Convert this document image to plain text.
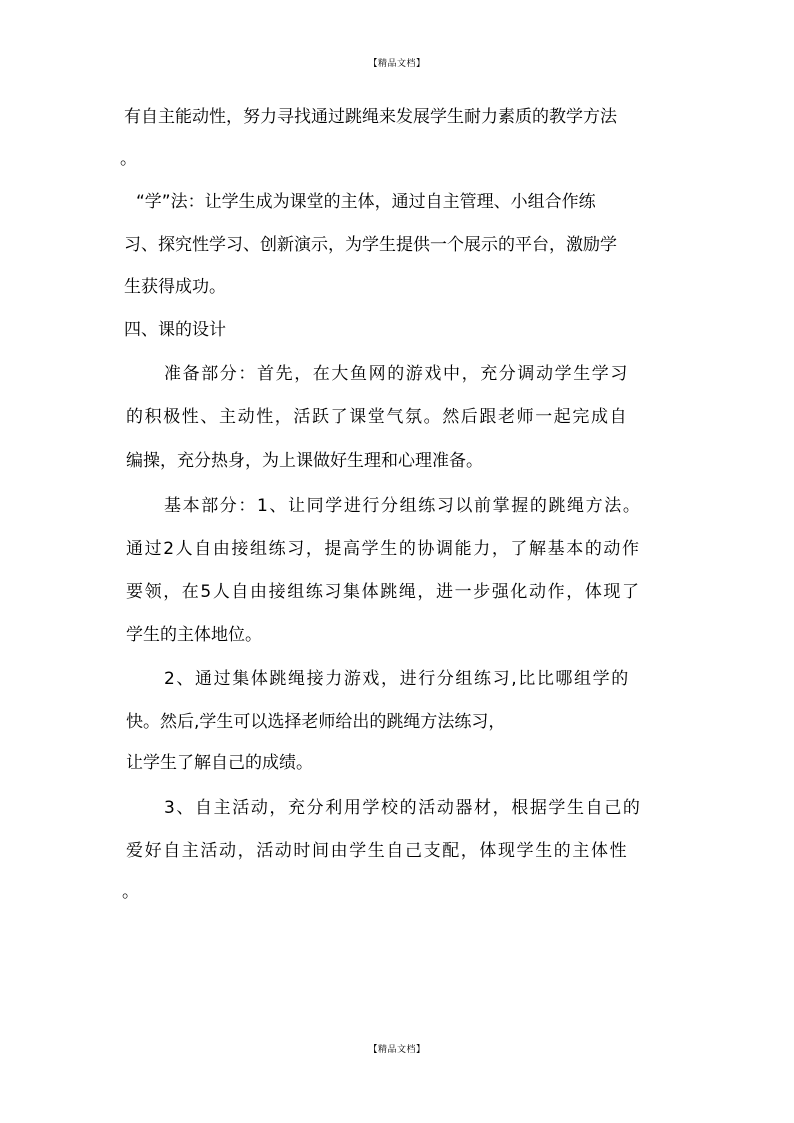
【精品文档】
有自主能动性，努力寻找通过跳绳来发展学生耐力素质的教学方法
。
“学”法：让学生成为课堂的主体，通过自主管理、小组合作练
习、探究性学习、创新演示，为学生提供一个展示的平台，激励学
生获得成功。
四、课的设计
准备部分：首先，在大鱼网的游戏中，充分调动学生学习
的积极性、主动性，活跃了课堂气氛。然后跟老师一起完成自
编操，充分热身，为上课做好生理和心理准备。
基本部分：1、让同学进行分组练习以前掌握的跳绳方法。
通过2人自由接组练习，提高学生的协调能力，了解基本的动作
要领，在5人自由接组练习集体跳绳，进一步强化动作，体现了
学生的主体地位。
2、通过集体跳绳接力游戏，进行分组练习,比比哪组学的
快。然后,学生可以选择老师给出的跳绳方法练习，
让学生了解自己的成绩。
3、自主活动，充分利用学校的活动器材，根据学生自己的
爱好自主活动，活动时间由学生自己支配，体现学生的主体性
。
【精品文档】
